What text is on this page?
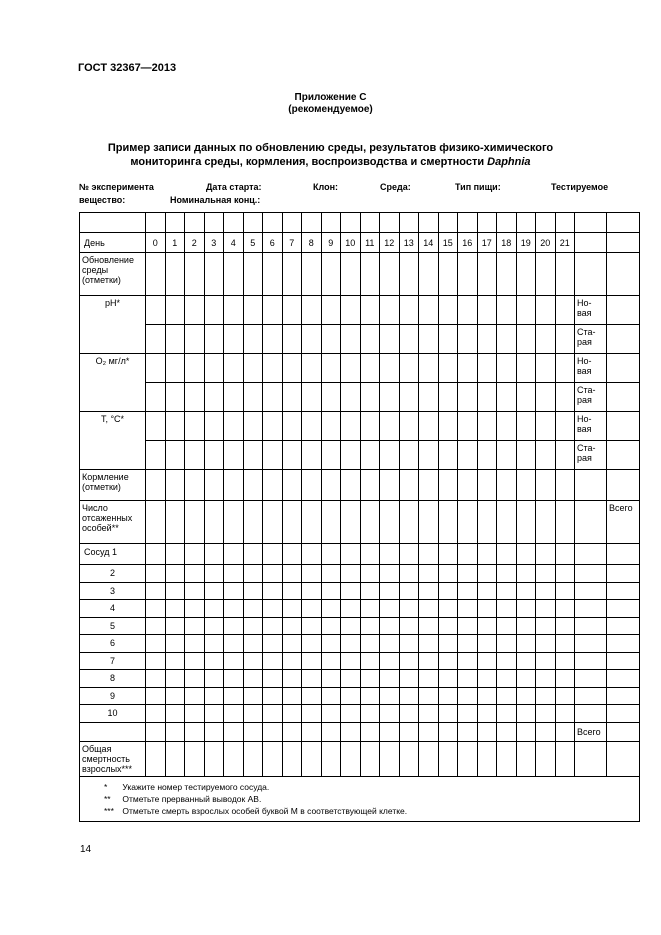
ГОСТ 32367—2013
Приложение С
(рекомендуемое)
Пример записи данных по обновлению среды, результатов физико-химического
мониторинга среды, кормления, воспроизводства и смертности Daphnia
№ эксперимента	Дата старта:	Клон:	Среда:	Тип пищи:	Тестируемое
вещество:	Номинальная конц.:

День	0	1	2	3	4	5	6	7	8	9	10	11	12	13	14	15	16	17	18	19	20	21		
Обновление среды (отметки)																								
pH*																							Но-вая	
																							Ста-рая	
O₂ мг/л*																							Но-вая	
																							Ста-рая	
T, °C*																							Но-вая	
																							Ста-рая	
Кормление (отметки)																								
Число отсаженных особей**																								Всего
Сосуд 1																								
2																								
3																								
4																								
5																								
6																								
7																								
8																								
9																								
10																								
																							Всего	
Общая смертность взрослых***																								

* Укажите номер тестируемого сосуда.
** Отметьте прерванный выводок АВ.
*** Отметьте смерть взрослых особей буквой М в соответствующей клетке.																								
14
